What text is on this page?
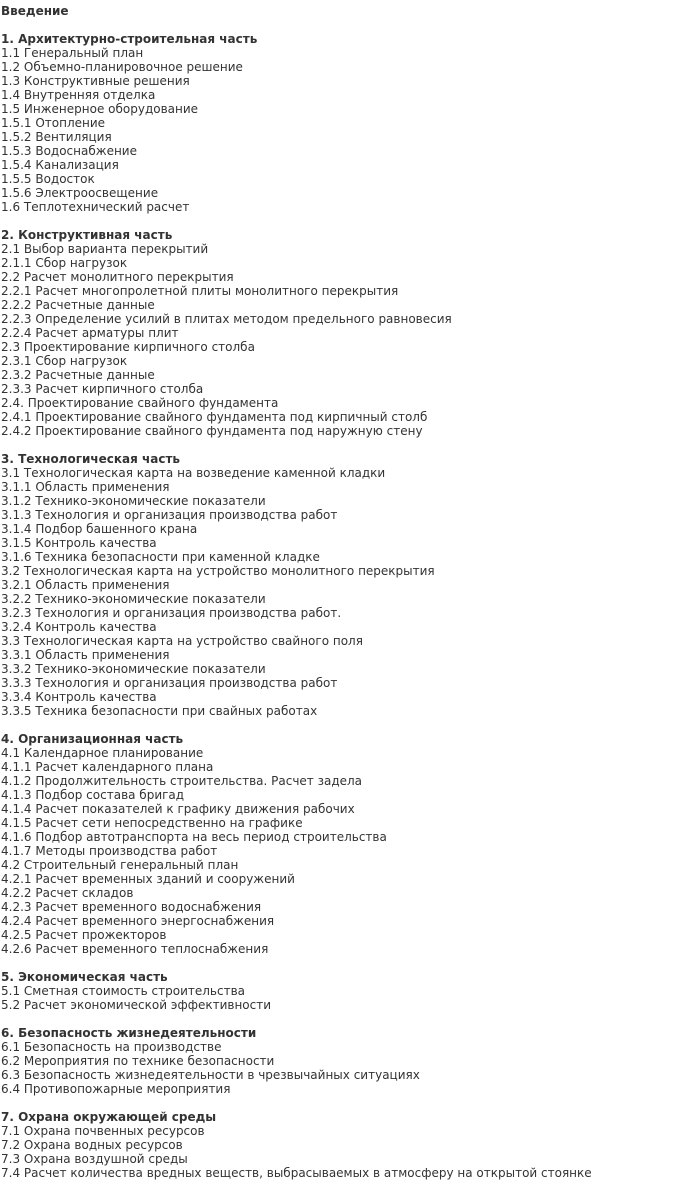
Введение
1. Архитектурно-строительная часть
1.1 Генеральный план
1.2 Объемно-планировочное решение
1.3 Конструктивные решения
1.4 Внутренняя отделка
1.5 Инженерное оборудование
1.5.1 Отопление
1.5.2 Вентиляция
1.5.3 Водоснабжение
1.5.4 Канализация
1.5.5 Водосток
1.5.6 Электроосвещение
1.6 Теплотехнический расчет
2. Конструктивная часть
2.1 Выбор варианта перекрытий
2.1.1 Сбор нагрузок
2.2 Расчет монолитного перекрытия
2.2.1 Расчет многопролетной плиты монолитного перекрытия
2.2.2 Расчетные данные
2.2.3 Определение усилий в плитах методом предельного равновесия
2.2.4 Расчет арматуры плит
2.3 Проектирование кирпичного столба
2.3.1 Сбор нагрузок
2.3.2 Расчетные данные
2.3.3 Расчет кирпичного столба
2.4. Проектирование свайного фундамента
2.4.1 Проектирование свайного фундамента под кирпичный столб
2.4.2 Проектирование свайного фундамента под наружную стену
3. Технологическая часть
3.1 Технологическая карта на возведение каменной кладки
3.1.1 Область применения
3.1.2 Технико-экономические показатели
3.1.3 Технология и организация производства работ
3.1.4 Подбор башенного крана
3.1.5 Контроль качества
3.1.6 Техника безопасности при каменной кладке
3.2 Технологическая карта на устройство монолитного перекрытия
3.2.1 Область применения
3.2.2 Технико-экономические показатели
3.2.3 Технология и организация производства работ.
3.2.4 Контроль качества
3.3 Технологическая карта на устройство свайного поля
3.3.1 Область применения
3.3.2 Технико-экономические показатели
3.3.3 Технология и организация производства работ
3.3.4 Контроль качества
3.3.5 Техника безопасности при свайных работах
4. Организационная часть
4.1 Календарное планирование
4.1.1 Расчет календарного плана
4.1.2 Продолжительность строительства. Расчет задела
4.1.3 Подбор состава бригад
4.1.4 Расчет показателей к графику движения рабочих
4.1.5 Расчет сети непосредственно на графике
4.1.6 Подбор автотранспорта на весь период строительства
4.1.7 Методы производства работ
4.2 Строительный генеральный план
4.2.1 Расчет временных зданий и сооружений
4.2.2 Расчет складов
4.2.3 Расчет временного водоснабжения
4.2.4 Расчет временного энергоснабжения
4.2.5 Расчет прожекторов
4.2.6 Расчет временного теплоснабжения
5. Экономическая часть
5.1 Сметная стоимость строительства
5.2 Расчет экономической эффективности
6. Безопасность жизнедеятельности
6.1 Безопасность на производстве
6.2 Мероприятия по технике безопасности
6.3 Безопасность жизнедеятельности в чрезвычайных ситуациях
6.4 Противопожарные мероприятия
7. Охрана окружающей среды
7.1 Охрана почвенных ресурсов
7.2 Охрана водных ресурсов
7.3 Охрана воздушной среды
7.4 Расчет количества вредных веществ, выбрасываемых в атмосферу на открытой стоянке
